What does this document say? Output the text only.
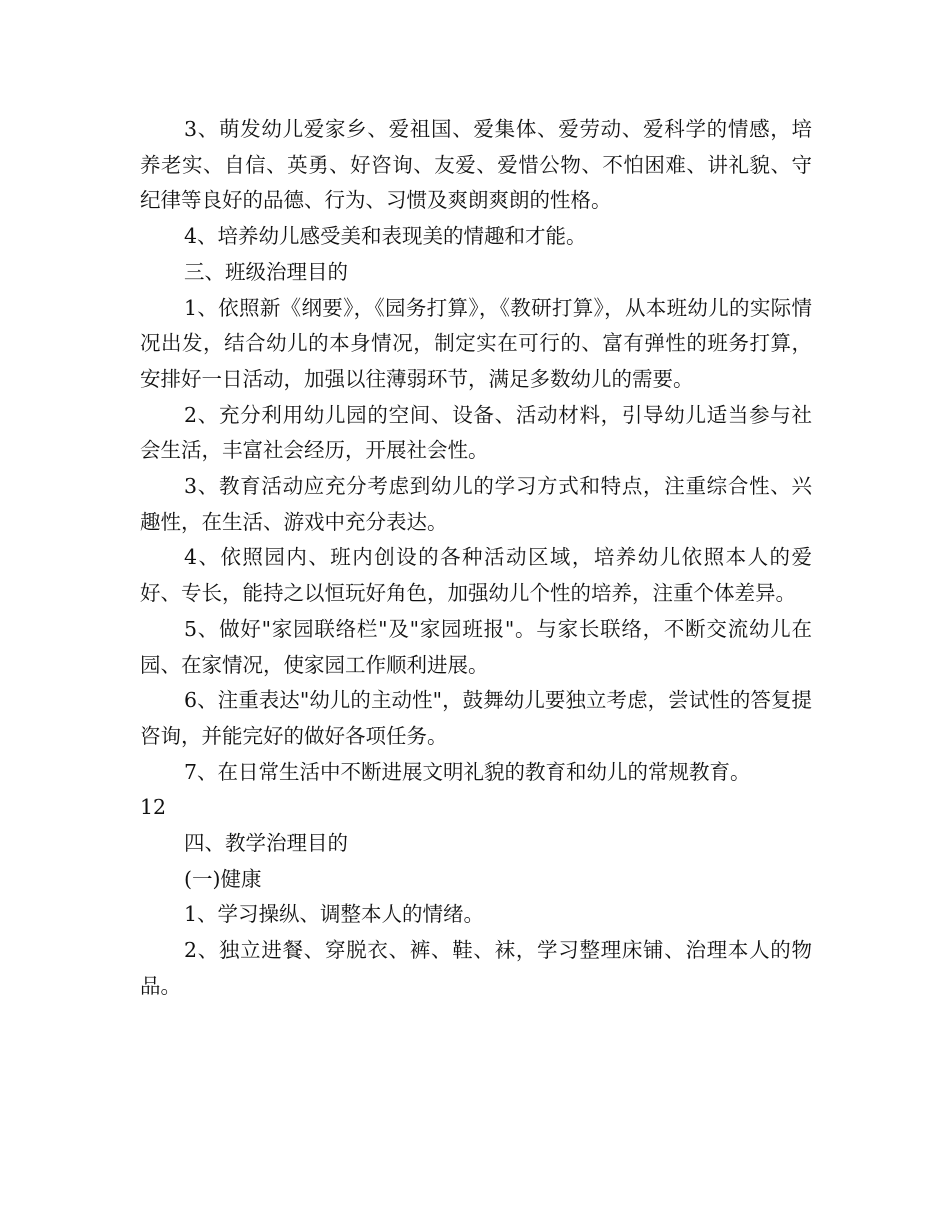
3、萌发幼儿爱家乡、爱祖国、爱集体、爱劳动、爱科学的情感，培养老实、自信、英勇、好咨询、友爱、爱惜公物、不怕困难、讲礼貌、守纪律等良好的品德、行为、习惯及爽朗爽朗的性格。

4、培养幼儿感受美和表现美的情趣和才能。

三、班级治理目的

1、依照新《纲要》，《园务打算》，《教研打算》，从本班幼儿的实际情况出发，结合幼儿的本身情况，制定实在可行的、富有弹性的班务打算，安排好一日活动，加强以往薄弱环节，满足多数幼儿的需要。

2、充分利用幼儿园的空间、设备、活动材料，引导幼儿适当参与社会生活，丰富社会经历，开展社会性。

3、教育活动应充分考虑到幼儿的学习方式和特点，注重综合性、兴趣性，在生活、游戏中充分表达。

4、依照园内、班内创设的各种活动区域，培养幼儿依照本人的爱好、专长，能持之以恒玩好角色，加强幼儿个性的培养，注重个体差异。

5、做好"家园联络栏"及"家园班报"。与家长联络，不断交流幼儿在园、在家情况，使家园工作顺利进展。

6、注重表达"幼儿的主动性"，鼓舞幼儿要独立考虑，尝试性的答复提咨询，并能完好的做好各项任务。

7、在日常生活中不断进展文明礼貌的教育和幼儿的常规教育。

12

四、教学治理目的

(一)健康

1、学习操纵、调整本人的情绪。

2、独立进餐、穿脱衣、裤、鞋、袜，学习整理床铺、治理本人的物品。
